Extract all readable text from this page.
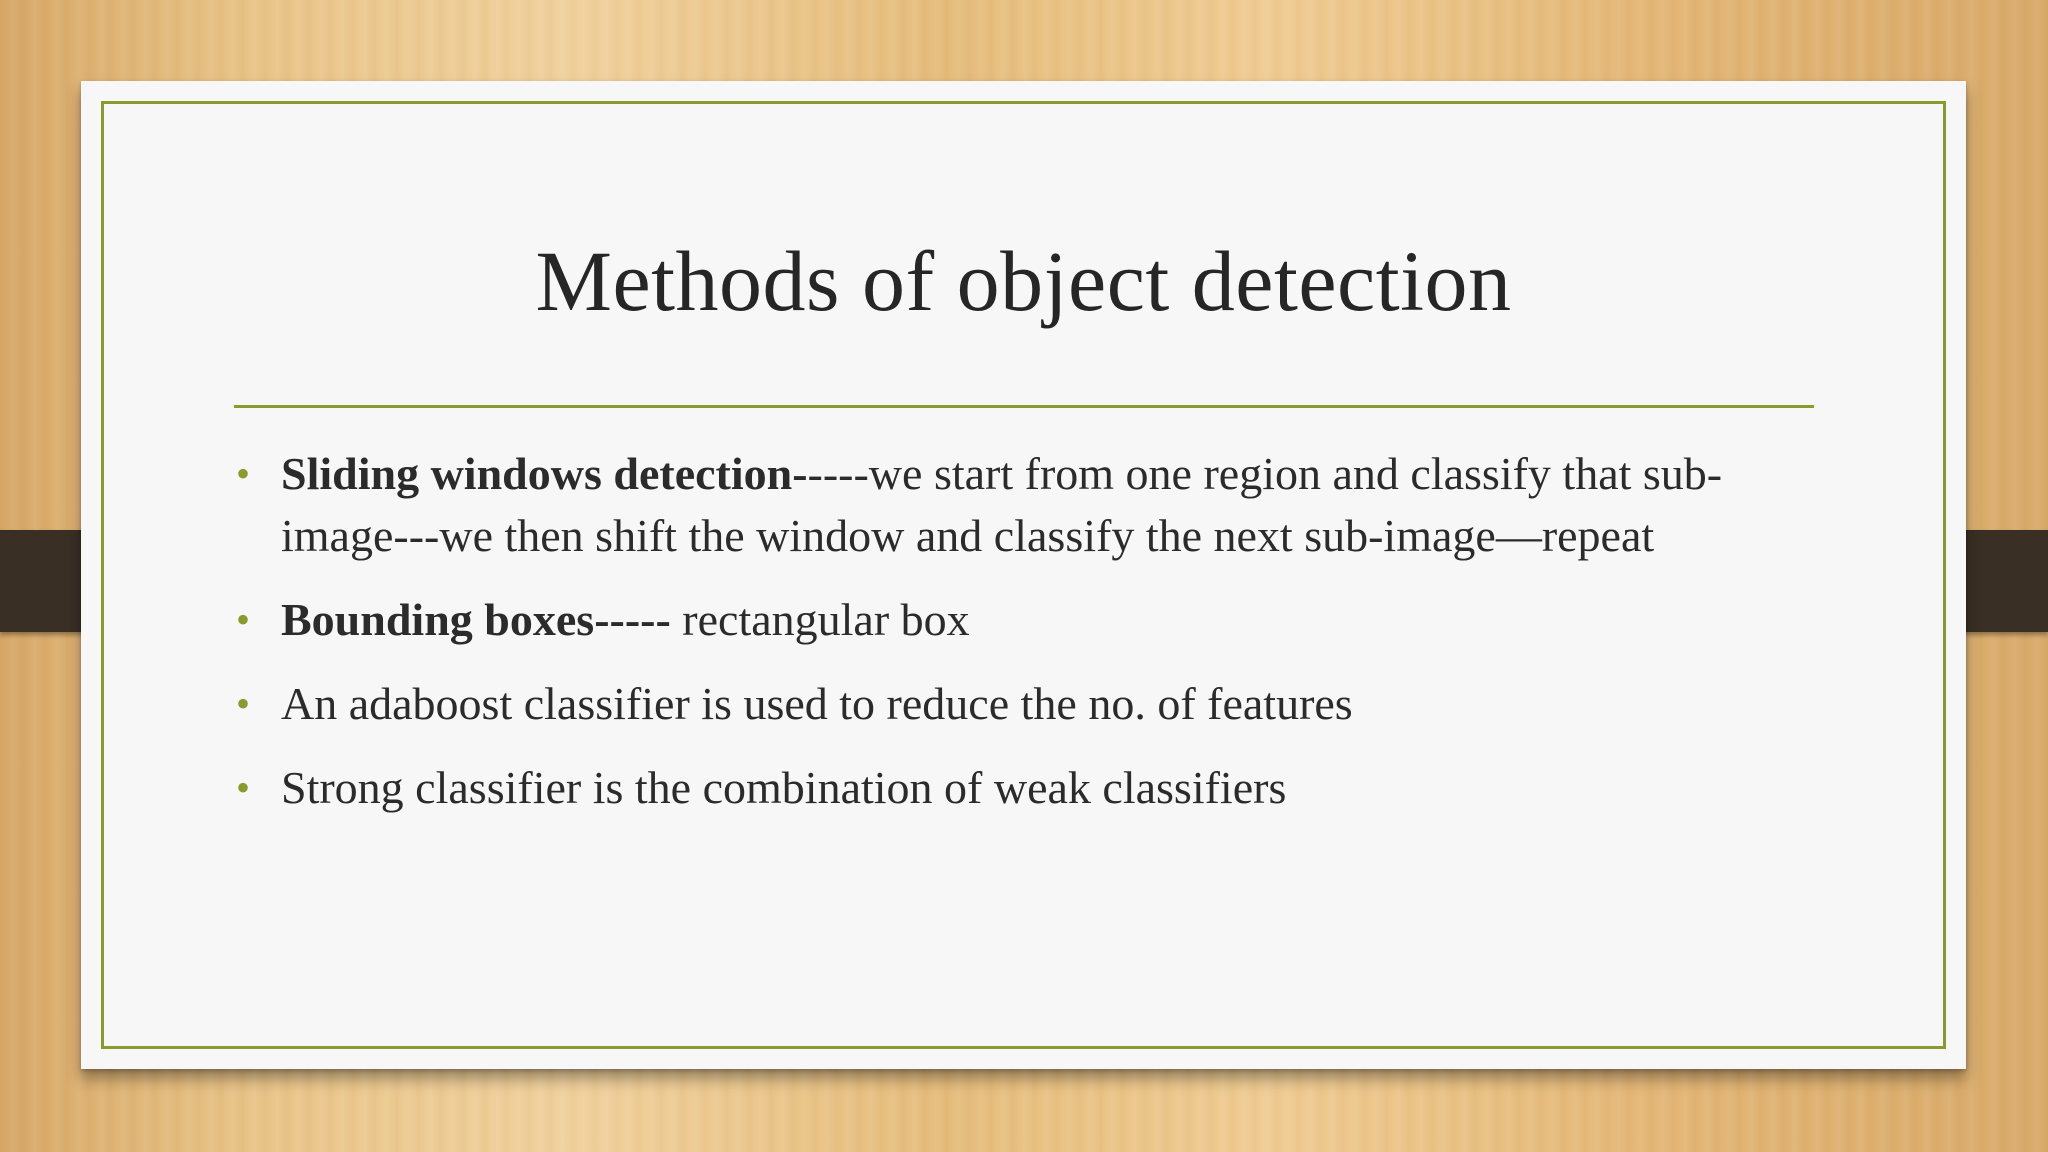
Methods of object detection
• Sliding windows detection-----we start from one region and classify that sub-image---we then shift the window and classify the next sub-image—repeat
• Bounding boxes----- rectangular box
• An adaboost classifier is used to reduce the no. of features
• Strong classifier is the combination of weak classifiers
